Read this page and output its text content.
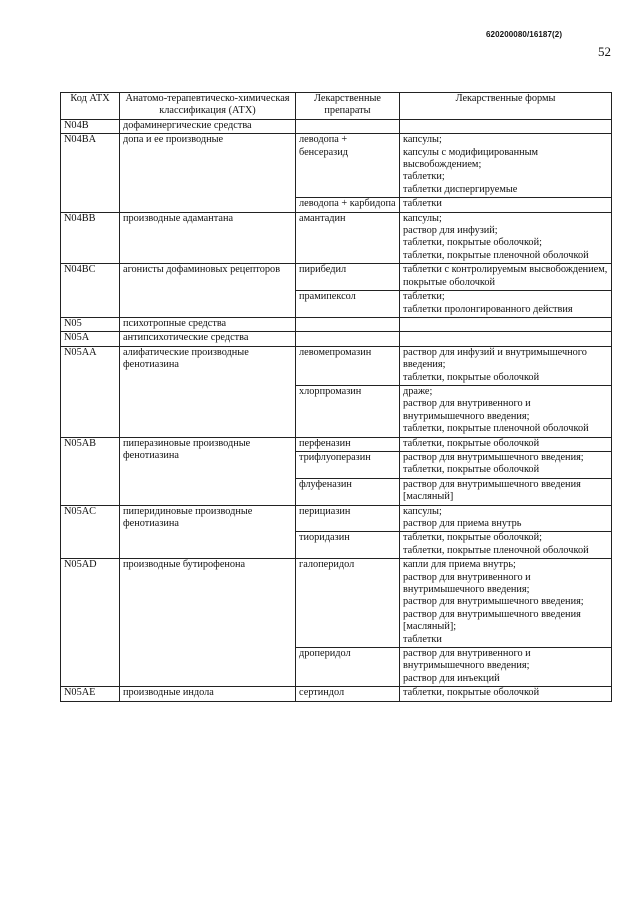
620200080/16187(2)
52
Код АТХ	Анатомо-терапевтическо-химическая классификация (АТХ)	Лекарственные препараты	Лекарственные формы
N04B	дофаминергические средства		
N04BA	допа и ее производные	леводопа + бенсеразид	капсулы;
капсулы с модифицированным высвобождением;
таблетки;
таблетки диспергируемые

		леводопа + карбидопа	таблетки

N04BB	производные адамантана	амантадин	капсулы;
раствор для инфузий;
таблетки, покрытые оболочкой;
таблетки, покрытые пленочной оболочкой

N04BC	агонисты дофаминовых рецепторов	пирибедил	таблетки с контролируемым высвобождением, покрытые оболочкой

		прамипексол	таблетки;
таблетки пролонгированного действия

N05	психотропные средства		
N05A	антипсихотические средства		
N05AA	алифатические производные фенотиазина	левомепромазин	раствор для инфузий и внутримышечного введения;
таблетки, покрытые оболочкой

		хлорпромазин	драже;
раствор для внутривенного и внутримышечного введения;
таблетки, покрытые пленочной оболочкой

N05AB	пиперазиновые производные фенотиазина	перфеназин	таблетки, покрытые оболочкой

		трифлуоперазин	раствор для внутримышечного введения;
таблетки, покрытые оболочкой

		флуфеназин	раствор для внутримышечного введения [масляный]

N05AC	пиперидиновые производные фенотиазина	перициазин	капсулы;
раствор для приема внутрь

		тиоридазин	таблетки, покрытые оболочкой;
таблетки, покрытые пленочной оболочкой

N05AD	производные бутирофенона	галоперидол	капли для приема внутрь;
раствор для внутривенного и внутримышечного введения;
раствор для внутримышечного введения;
раствор для внутримышечного введения [масляный];
таблетки

		дроперидол	раствор для внутривенного и внутримышечного введения;
раствор для инъекций

N05AE	производные индола	сертиндол	таблетки, покрытые оболочкой
